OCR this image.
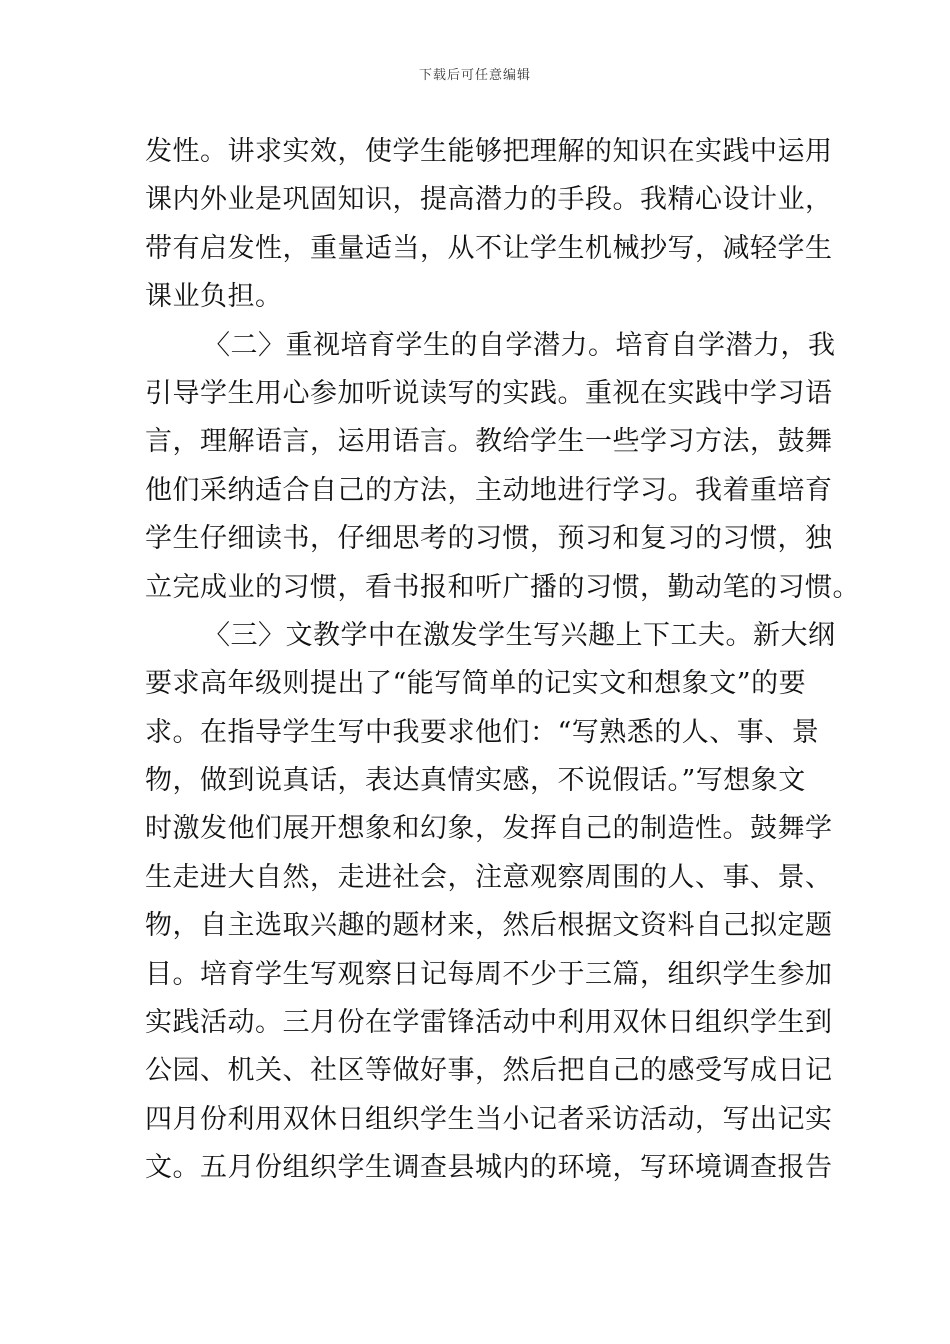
下载后可任意编辑
发性。讲求实效，使学生能够把理解的知识在实践中运用
课内外业是巩固知识，提高潜力的手段。我精心设计业，
带有启发性，重量适当，从不让学生机械抄写，减轻学生
课业负担。
〈二〉重视培育学生的自学潜力。培育自学潜力，我
引导学生用心参加听说读写的实践。重视在实践中学习语
言，理解语言，运用语言。教给学生一些学习方法，鼓舞
他们采纳适合自己的方法，主动地进行学习。我着重培育
学生仔细读书，仔细思考的习惯，预习和复习的习惯，独
立完成业的习惯，看书报和听广播的习惯，勤动笔的习惯。
〈三〉文教学中在激发学生写兴趣上下工夫。新大纲
要求高年级则提出了“能写简单的记实文和想象文”的要
求。在指导学生写中我要求他们：“写熟悉的人、事、景
物，做到说真话，表达真情实感，不说假话。”写想象文
时激发他们展开想象和幻象，发挥自己的制造性。鼓舞学
生走进大自然，走进社会，注意观察周围的人、事、景、
物，自主选取兴趣的题材来，然后根据文资料自己拟定题
目。培育学生写观察日记每周不少于三篇，组织学生参加
实践活动。三月份在学雷锋活动中利用双休日组织学生到
公园、机关、社区等做好事，然后把自己的感受写成日记
四月份利用双休日组织学生当小记者采访活动，写出记实
文。五月份组织学生调查县城内的环境，写环境调查报告
